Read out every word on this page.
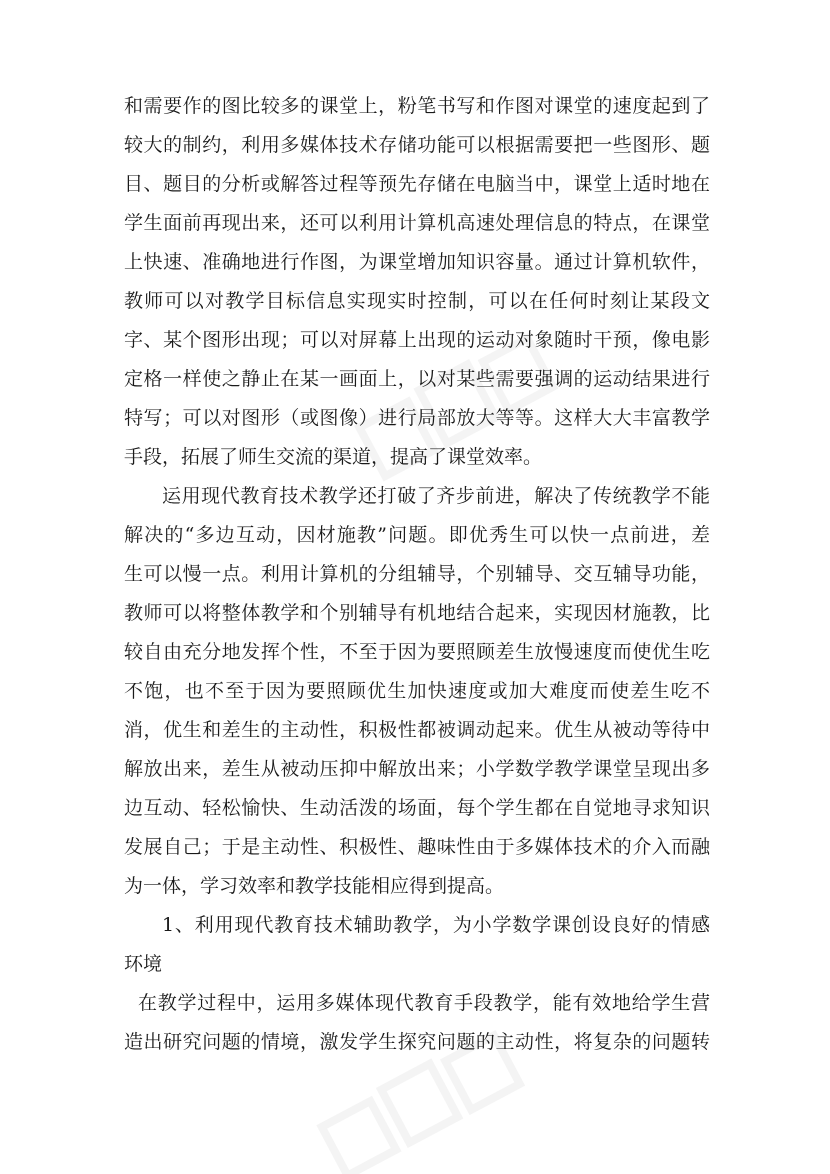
和需要作的图比较多的课堂上，粉笔书写和作图对课堂的速度起到了
较大的制约，利用多媒体技术存储功能可以根据需要把一些图形、题
目、题目的分析或解答过程等预先存储在电脑当中，课堂上适时地在
学生面前再现出来，还可以利用计算机高速处理信息的特点，在课堂
上快速、准确地进行作图，为课堂增加知识容量。通过计算机软件，
教师可以对教学目标信息实现实时控制，可以在任何时刻让某段文
字、某个图形出现；可以对屏幕上出现的运动对象随时干预，像电影
定格一样使之静止在某一画面上，以对某些需要强调的运动结果进行
特写；可以对图形（或图像）进行局部放大等等。这样大大丰富教学
手段，拓展了师生交流的渠道，提高了课堂效率。
运用现代教育技术教学还打破了齐步前进，解决了传统教学不能
解决的“多边互动，因材施教”问题。即优秀生可以快一点前进，差
生可以慢一点。利用计算机的分组辅导，个别辅导、交互辅导功能，
教师可以将整体教学和个别辅导有机地结合起来，实现因材施教，比
较自由充分地发挥个性，不至于因为要照顾差生放慢速度而使优生吃
不饱，也不至于因为要照顾优生加快速度或加大难度而使差生吃不
消，优生和差生的主动性，积极性都被调动起来。优生从被动等待中
解放出来，差生从被动压抑中解放出来；小学数学教学课堂呈现出多
边互动、轻松愉快、生动活泼的场面，每个学生都在自觉地寻求知识
发展自己；于是主动性、积极性、趣味性由于多媒体技术的介入而融
为一体，学习效率和教学技能相应得到提高。
1、利用现代教育技术辅助教学，为小学数学课创设良好的情感
环境
在教学过程中，运用多媒体现代教育手段教学，能有效地给学生营
造出研究问题的情境，激发学生探究问题的主动性，将复杂的问题转
